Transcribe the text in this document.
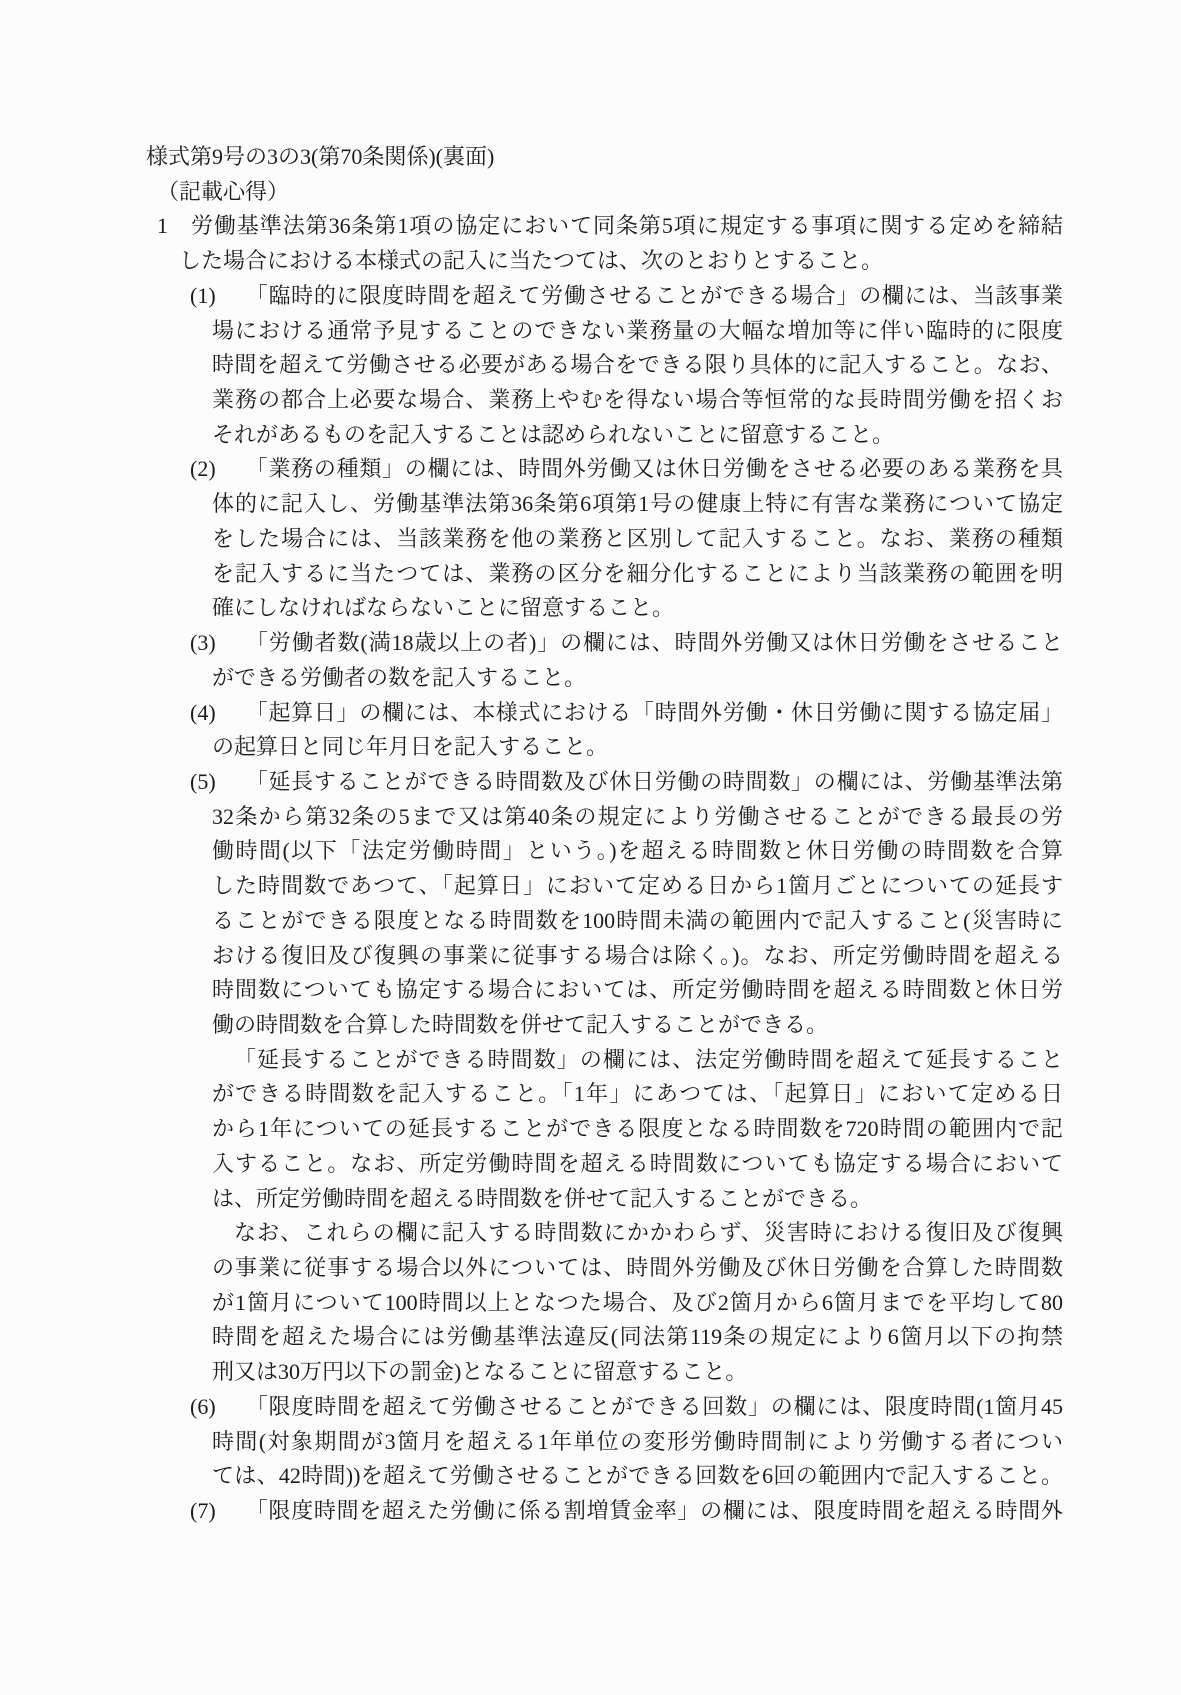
様式第9号の3の3(第70条関係)(裏面)
（記載心得）
1 労働基準法第36条第1項の協定において同条第5項に規定する事項に関する定めを締結
した場合における本様式の記入に当たつては、次のとおりとすること。
(1) 「臨時的に限度時間を超えて労働させることができる場合」の欄には、当該事業
場における通常予見することのできない業務量の大幅な増加等に伴い臨時的に限度
時間を超えて労働させる必要がある場合をできる限り具体的に記入すること。なお、
業務の都合上必要な場合、業務上やむを得ない場合等恒常的な長時間労働を招くお
それがあるものを記入することは認められないことに留意すること。
(2) 「業務の種類」の欄には、時間外労働又は休日労働をさせる必要のある業務を具
体的に記入し、労働基準法第36条第6項第1号の健康上特に有害な業務について協定
をした場合には、当該業務を他の業務と区別して記入すること。なお、業務の種類
を記入するに当たつては、業務の区分を細分化することにより当該業務の範囲を明
確にしなければならないことに留意すること。
(3) 「労働者数(満18歳以上の者)」の欄には、時間外労働又は休日労働をさせること
ができる労働者の数を記入すること。
(4) 「起算日」の欄には、本様式における「時間外労働・休日労働に関する協定届」
の起算日と同じ年月日を記入すること。
(5) 「延長することができる時間数及び休日労働の時間数」の欄には、労働基準法第
32条から第32条の5まで又は第40条の規定により労働させることができる最長の労
働時間(以下「法定労働時間」という。)を超える時間数と休日労働の時間数を合算
した時間数であつて、「起算日」において定める日から1箇月ごとについての延長す
ることができる限度となる時間数を100時間未満の範囲内で記入すること(災害時に
おける復旧及び復興の事業に従事する場合は除く。)。なお、所定労働時間を超える
時間数についても協定する場合においては、所定労働時間を超える時間数と休日労
働の時間数を合算した時間数を併せて記入することができる。
「延長することができる時間数」の欄には、法定労働時間を超えて延長すること
ができる時間数を記入すること。「1年」にあつては、「起算日」において定める日
から1年についての延長することができる限度となる時間数を720時間の範囲内で記
入すること。なお、所定労働時間を超える時間数についても協定する場合において
は、所定労働時間を超える時間数を併せて記入することができる。
なお、これらの欄に記入する時間数にかかわらず、災害時における復旧及び復興
の事業に従事する場合以外については、時間外労働及び休日労働を合算した時間数
が1箇月について100時間以上となつた場合、及び2箇月から6箇月までを平均して80
時間を超えた場合には労働基準法違反(同法第119条の規定により6箇月以下の拘禁
刑又は30万円以下の罰金)となることに留意すること。
(6) 「限度時間を超えて労働させることができる回数」の欄には、限度時間(1箇月45
時間(対象期間が3箇月を超える1年単位の変形労働時間制により労働する者につい
ては、42時間))を超えて労働させることができる回数を6回の範囲内で記入すること。
(7) 「限度時間を超えた労働に係る割増賃金率」の欄には、限度時間を超える時間外
